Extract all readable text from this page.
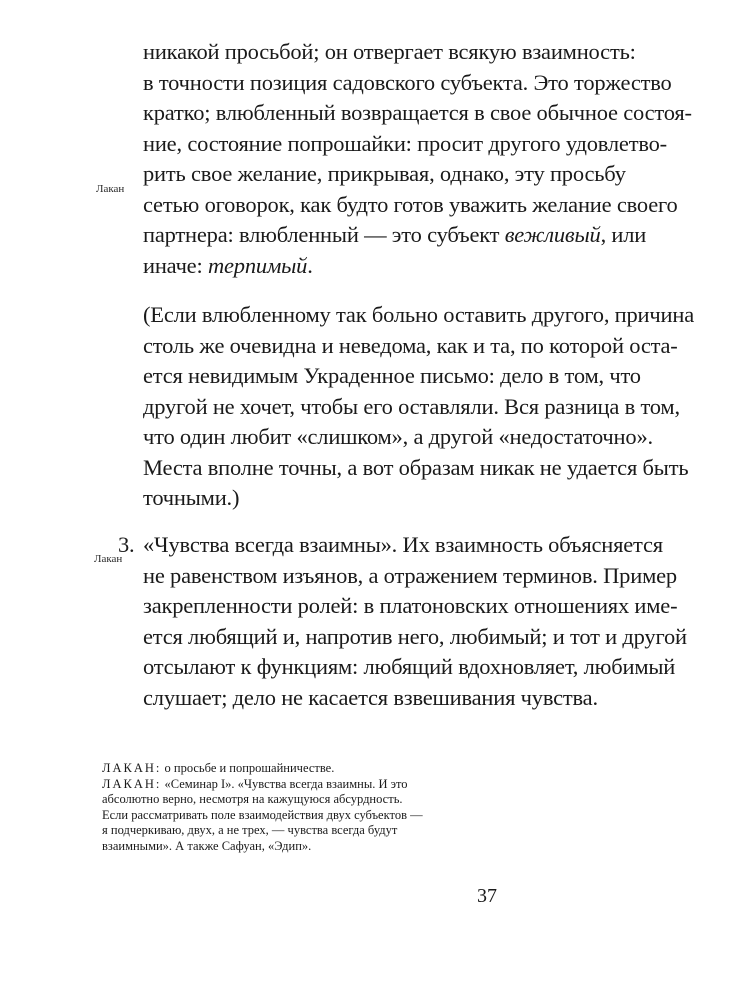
никакой просьбой; он отвергает всякую взаимность:
в точности позиция садовского субъекта. Это торжество
кратко; влюбленный возвращается в свое обычное состоя-
ние, состояние попрошайки: просит другого удовлетво-
рить свое желание, прикрывая, однако, эту просьбу
сетью оговорок, как будто готов уважить желание своего
партнера: влюбленный — это субъект вежливый, или
иначе: терпимый.
Лакан
(Если влюбленному так больно оставить другого, причина
столь же очевидна и неведома, как и та, по которой оста-
ется невидимым Украденное письмо: дело в том, что
другой не хочет, чтобы его оставляли. Вся разница в том,
что один любит «слишком», а другой «недостаточно».
Места вполне точны, а вот образам никак не удается быть
точными.)
3. «Чувства всегда взаимны». Их взаимность объясняется
не равенством изъянов, а отражением терминов. Пример
закрепленности ролей: в платоновских отношениях име-
ется любящий и, напротив него, любимый; и тот и другой
отсылают к функциям: любящий вдохновляет, любимый
слушает; дело не касается взвешивания чувства.
Лакан
ЛАКАН: о просьбе и попрошайничестве.
ЛАКАН: «Семинар I». «Чувства всегда взаимны. И это
абсолютно верно, несмотря на кажущуюся абсурдность.
Если рассматривать поле взаимодействия двух субъектов —
я подчеркиваю, двух, а не трех, — чувства всегда будут
взаимными». А также Сафуан, «Эдип».
37
